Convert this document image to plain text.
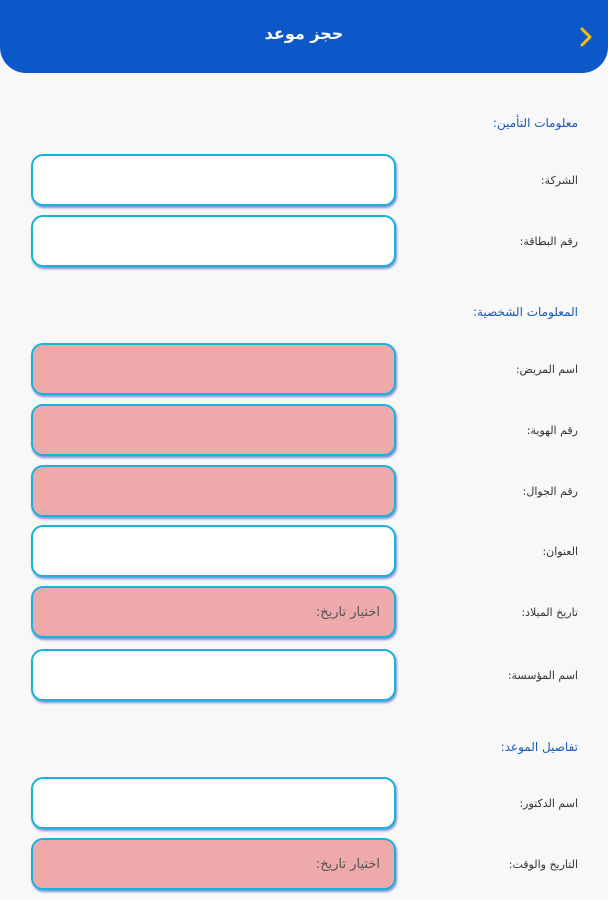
حجز موعد
معلومات التأمين:
الشركة:
رقم البطاقة:
المعلومات الشخصية:
اسم المريض:
رقم الهوية:
رقم الجوال:
العنوان:
تاريخ الميلاد:
اختيار تاريخ:
اسم المؤسسة:
تفاصيل الموعد:
اسم الدكتور:
التاريخ والوقت:
اختيار تاريخ:
